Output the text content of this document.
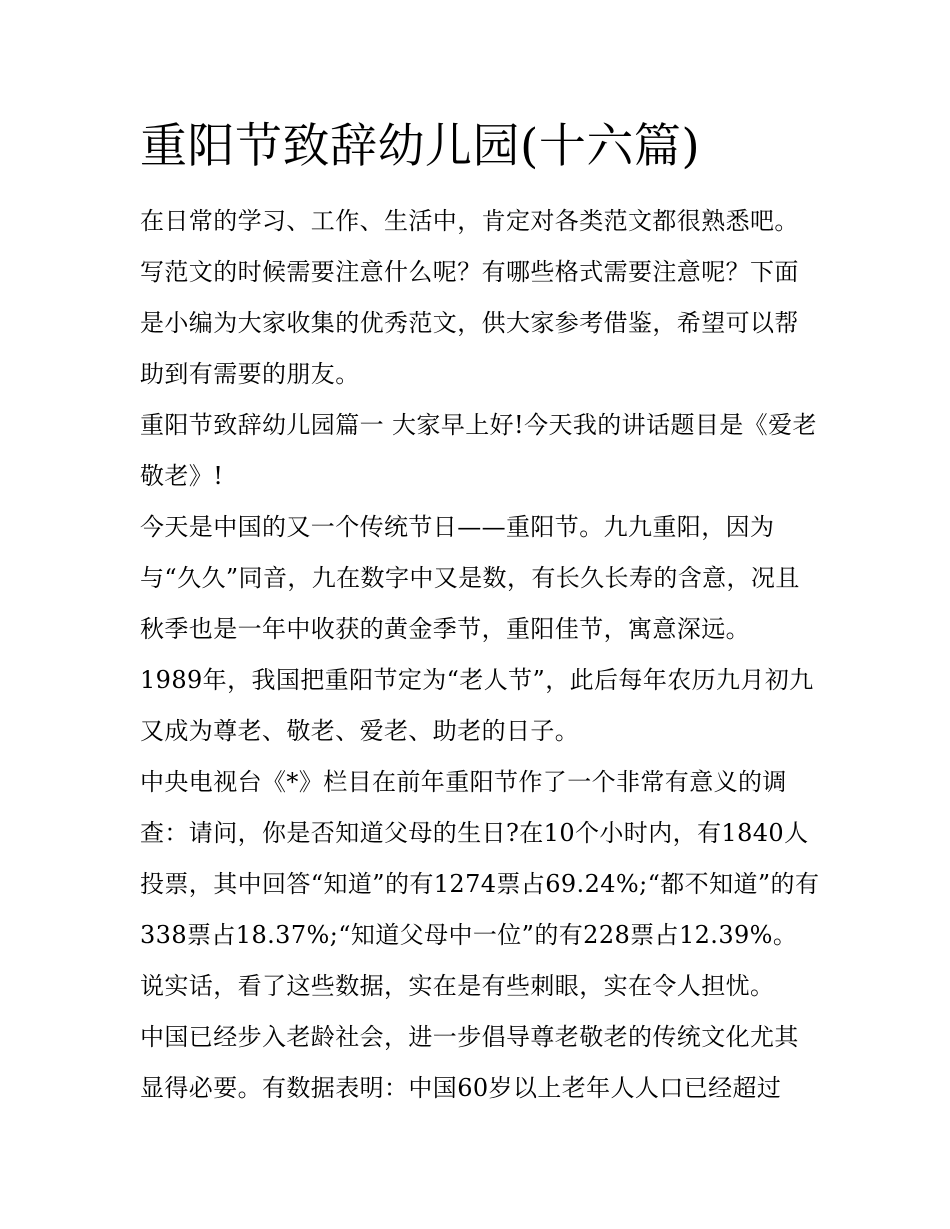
重阳节致辞幼儿园(十六篇)

在日常的学习、工作、生活中，肯定对各类范文都很熟悉吧。写范文的时候需要注意什么呢？有哪些格式需要注意呢？下面是小编为大家收集的优秀范文，供大家参考借鉴，希望可以帮助到有需要的朋友。

重阳节致辞幼儿园篇一 大家早上好!今天我的讲话题目是《爱老敬老》!

今天是中国的又一个传统节日——重阳节。九九重阳，因为与“久久”同音，九在数字中又是数，有长久长寿的含意，况且秋季也是一年中收获的黄金季节，重阳佳节，寓意深远。

1989年，我国把重阳节定为“老人节”，此后每年农历九月初九又成为尊老、敬老、爱老、助老的日子。

中央电视台《*》栏目在前年重阳节作了一个非常有意义的调查：请问，你是否知道父母的生日?在10个小时内，有1840人投票，其中回答“知道”的有1274票占69.24%;“都不知道”的有338票占18.37%;“知道父母中一位”的有228票占12.39%。说实话，看了这些数据，实在是有些刺眼，实在令人担忧。

中国已经步入老龄社会，进一步倡导尊老敬老的传统文化尤其显得必要。有数据表明：中国60岁以上老年人人口已经超过
